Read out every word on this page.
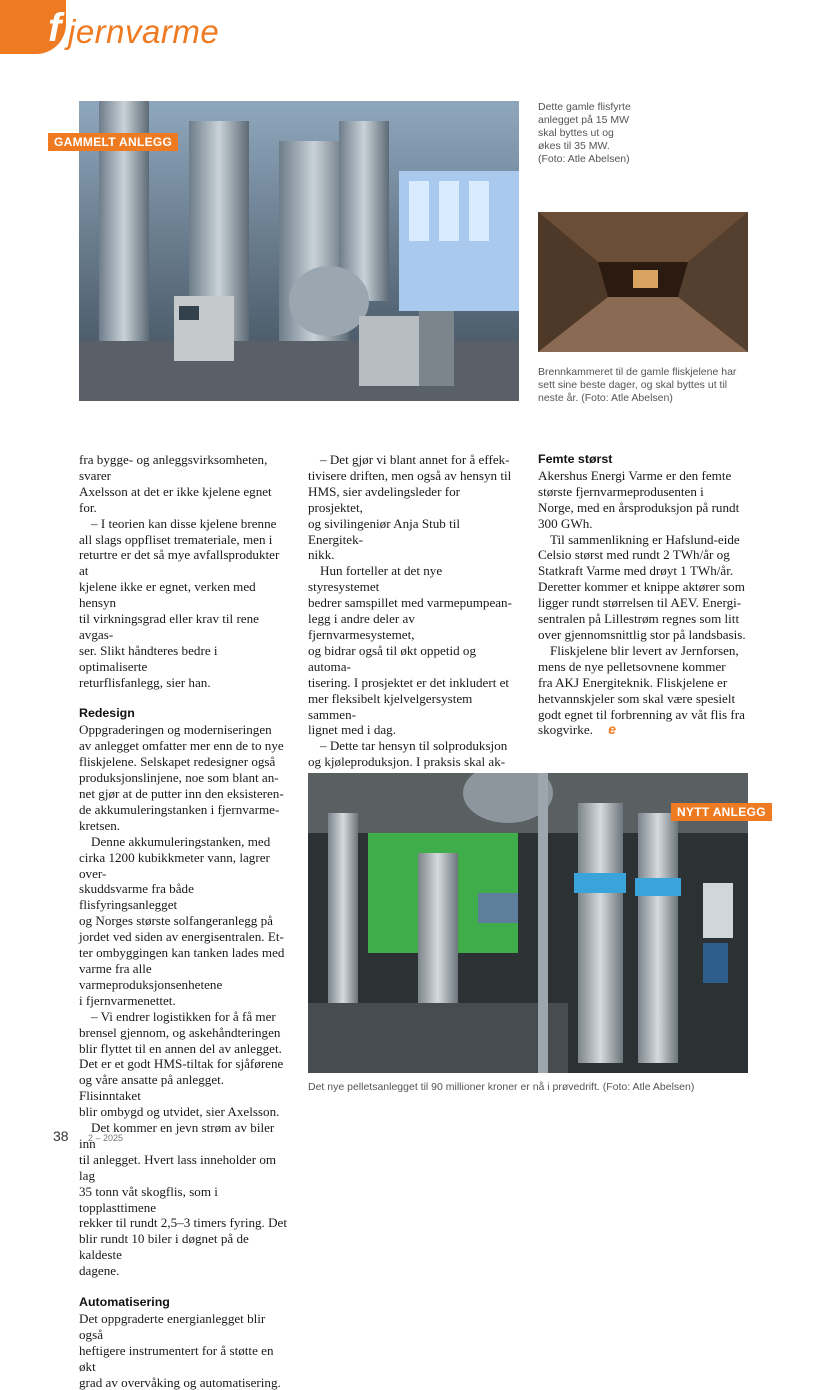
f jernvarme
GAMMELT ANLEGG
Dette gamle flisfyrte
anlegget på 15 MW
skal byttes ut og
økes til 35 MW.
(Foto: Atle Abelsen)
Brennkammeret til de gamle fliskjelene har
sett sine beste dager, og skal byttes ut til
neste år. (Foto: Atle Abelsen)

fra bygge- og anleggsvirksomheten, svarer
Axelsson at det er ikke kjelene egnet for.

– I teorien kan disse kjelene brenne
all slags oppfliset tremateriale, men i
returtre er det så mye avfallsprodukter at
kjelene ikke er egnet, verken med hensyn
til virkningsgrad eller krav til rene avgas-
ser. Slikt håndteres bedre i optimaliserte
returflisfanlegg, sier han.

Redesign

Oppgraderingen og moderniseringen
av anlegget omfatter mer enn de to nye
fliskjelene. Selskapet redesigner også
produksjonslinjene, noe som blant an-
net gjør at de putter inn den eksisteren-
de akkumuleringstanken i fjernvarme-
kretsen.

Denne akkumuleringstanken, med
cirka 1200 kubikkmeter vann, lagrer over-
skuddsvarme fra både flisfyringsanlegget
og Norges største solfangeranlegg på
jordet ved siden av energisentralen. Et-
ter ombyggingen kan tanken lades med
varme fra alle varmeproduksjonsenhetene
i fjernvarmenettet.

– Vi endrer logistikken for å få mer
brensel gjennom, og askehåndteringen
blir flyttet til en annen del av anlegget.
Det er et godt HMS-tiltak for sjåførene
og våre ansatte på anlegget. Flisinntaket
blir ombygd og utvidet, sier Axelsson.

Det kommer en jevn strøm av biler inn
til anlegget. Hvert lass inneholder om lag
35 tonn våt skogflis, som i topplasttimene
rekker til rundt 2,5–3 timers fyring. Det
blir rundt 10 biler i døgnet på de kaldeste
dagene.

Automatisering

Det oppgraderte energianlegget blir også
heftigere instrumentert for å støtte en økt
grad av overvåking og automatisering.

– Det gjør vi blant annet for å effek-
tivisere driften, men også av hensyn til
HMS, sier avdelingsleder for prosjektet,
og sivilingeniør Anja Stub til Energitek-
nikk.

Hun forteller at det nye styresystemet
bedrer samspillet med varmepumpean-
legg i andre deler av fjernvarmesystemet,
og bidrar også til økt oppetid og automa-
tisering. I prosjektet er det inkludert et
mer fleksibelt kjelvelgersystem sammen-
lignet med i dag.

– Dette tar hensyn til solproduksjon
og kjøleproduksjon. I praksis skal ak-

Femte størst

Akershus Energi Varme er den femte
største fjernvarmeprodusenten i
Norge, med en årsproduksjon på rundt
300 GWh.

Til sammenlikning er Hafslund-eide
Celsio størst med rundt 2 TWh/år og
Statkraft Varme med drøyt 1 TWh/år.
Deretter kommer et knippe aktører som
ligger rundt størrelsen til AEV. Energi-
sentralen på Lillestrøm regnes som litt
over gjennomsnittlig stor på landsbasis.

Fliskjelene blir levert av Jernforsen,
mens de nye pelletsovnene kommer
fra AKJ Energiteknik. Fliskjelene er
hetvannskjeler som skal være spesielt
godt egnet til forbrenning av våt flis fra
skogvirke. e

NYTT ANLEGG
Det nye pelletsanlegget til 90 millioner kroner er nå i prøvedrift. (Foto: Atle Abelsen)
38 2 – 2025
